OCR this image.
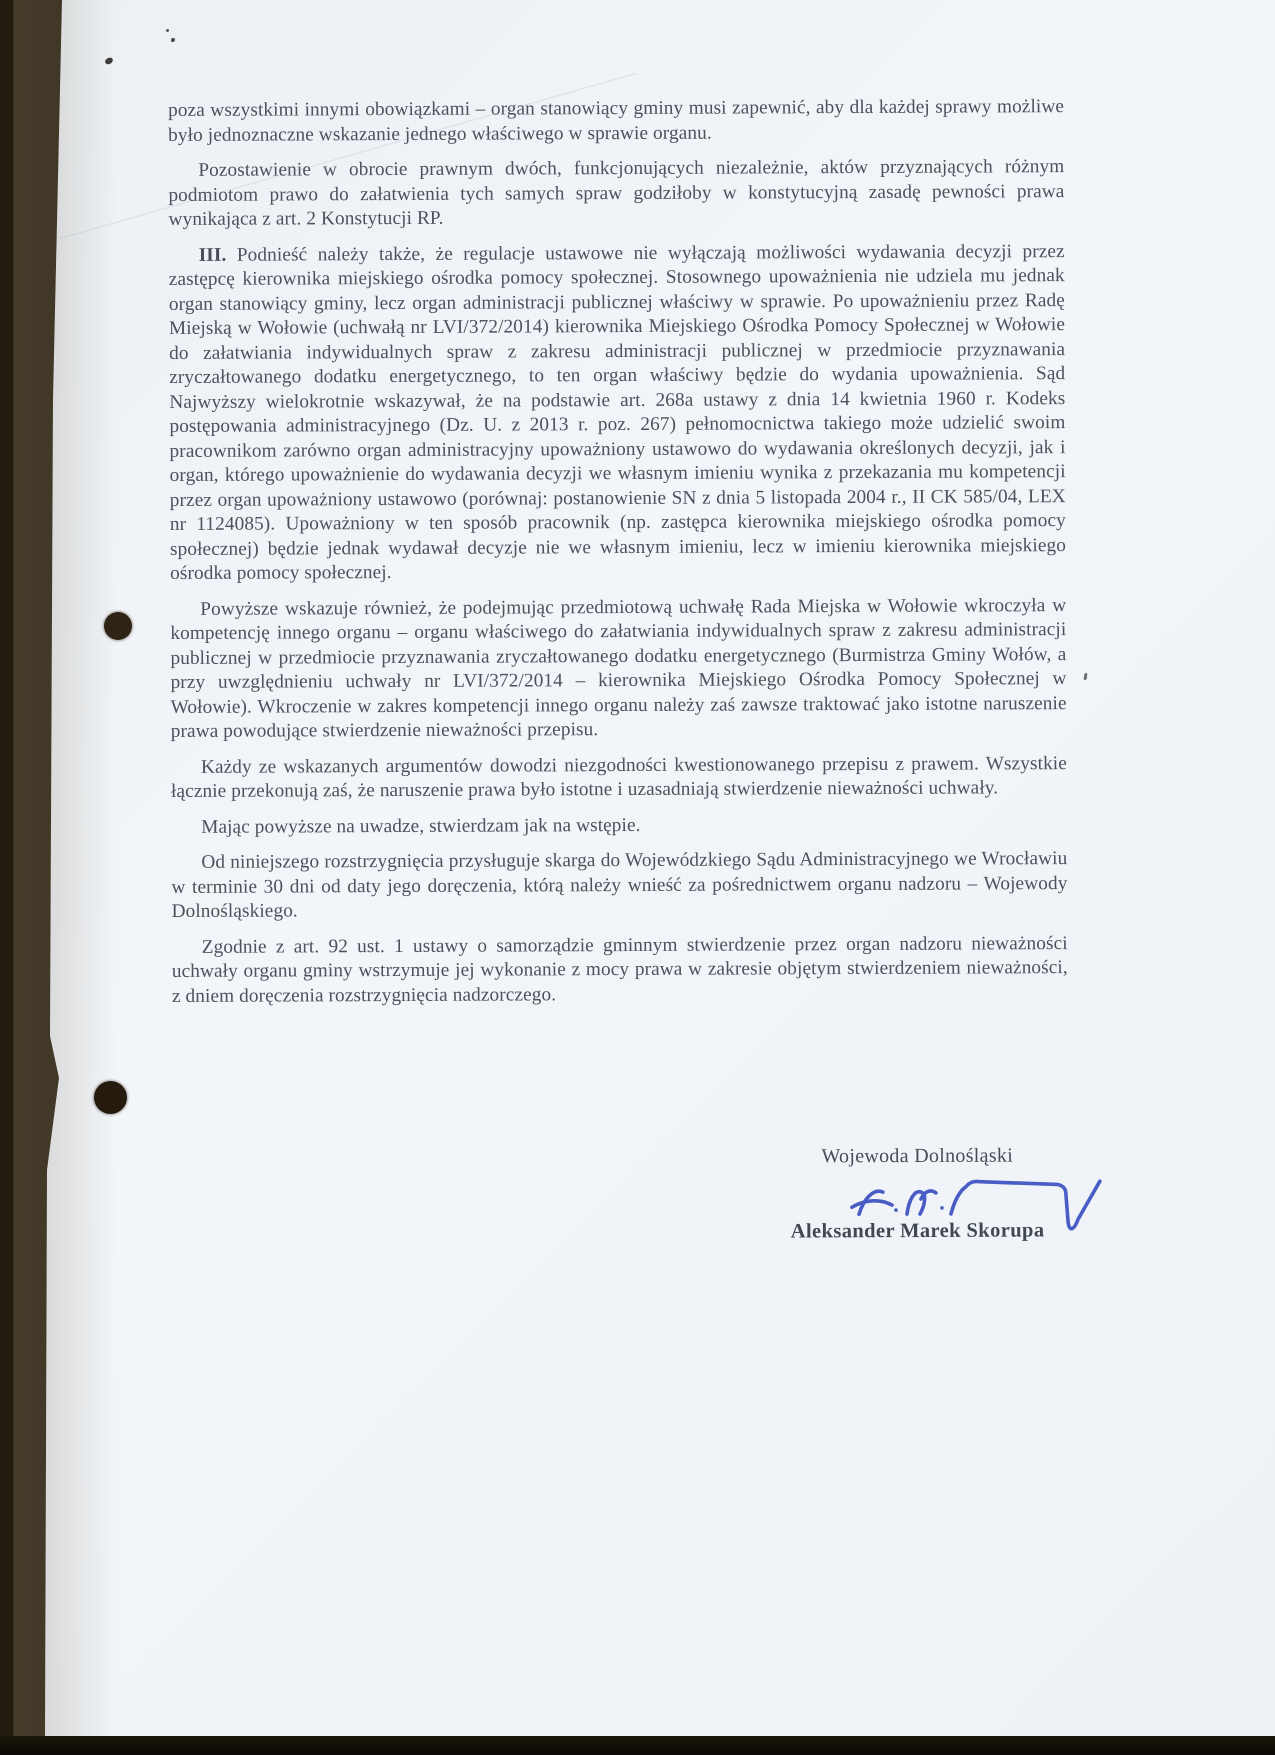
poza wszystkimi innymi obowiązkami – organ stanowiący gminy musi zapewnić, aby dla każdej sprawy możliwe było jednoznaczne wskazanie jednego właściwego w sprawie organu.

Pozostawienie w obrocie prawnym dwóch, funkcjonujących niezależnie, aktów przyznających różnym podmiotom prawo do załatwienia tych samych spraw godziłoby w konstytucyjną zasadę pewności prawa wynikająca z art. 2 Konstytucji RP.

III. Podnieść należy także, że regulacje ustawowe nie wyłączają możliwości wydawania decyzji przez zastępcę kierownika miejskiego ośrodka pomocy społecznej. Stosownego upoważnienia nie udziela mu jednak organ stanowiący gminy, lecz organ administracji publicznej właściwy w sprawie. Po upoważnieniu przez Radę Miejską w Wołowie (uchwałą nr LVI/372/2014) kierownika Miejskiego Ośrodka Pomocy Społecznej w Wołowie do załatwiania indywidualnych spraw z zakresu administracji publicznej w przedmiocie przyznawania zryczałtowanego dodatku energetycznego, to ten organ właściwy będzie do wydania upoważnienia. Sąd Najwyższy wielokrotnie wskazywał, że na podstawie art. 268a ustawy z dnia 14 kwietnia 1960 r. Kodeks postępowania administracyjnego (Dz. U. z 2013 r. poz. 267) pełnomocnictwa takiego może udzielić swoim pracownikom zarówno organ administracyjny upoważniony ustawowo do wydawania określonych decyzji, jak i organ, którego upoważnienie do wydawania decyzji we własnym imieniu wynika z przekazania mu kompetencji przez organ upoważniony ustawowo (porównaj: postanowienie SN z dnia 5 listopada 2004 r., II CK 585/04, LEX nr 1124085). Upoważniony w ten sposób pracownik (np. zastępca kierownika miejskiego ośrodka pomocy społecznej) będzie jednak wydawał decyzje nie we własnym imieniu, lecz w imieniu kierownika miejskiego ośrodka pomocy społecznej.

Powyższe wskazuje również, że podejmując przedmiotową uchwałę Rada Miejska w Wołowie wkroczyła w kompetencję innego organu – organu właściwego do załatwiania indywidualnych spraw z zakresu administracji publicznej w przedmiocie przyznawania zryczałtowanego dodatku energetycznego (Burmistrza Gminy Wołów, a przy uwzględnieniu uchwały nr LVI/372/2014 – kierownika Miejskiego Ośrodka Pomocy Społecznej w Wołowie). Wkroczenie w zakres kompetencji innego organu należy zaś zawsze traktować jako istotne naruszenie prawa powodujące stwierdzenie nieważności przepisu.

Każdy ze wskazanych argumentów dowodzi niezgodności kwestionowanego przepisu z prawem. Wszystkie łącznie przekonują zaś, że naruszenie prawa było istotne i uzasadniają stwierdzenie nieważności uchwały.

Mając powyższe na uwadze, stwierdzam jak na wstępie.

Od niniejszego rozstrzygnięcia przysługuje skarga do Wojewódzkiego Sądu Administracyjnego we Wrocławiu w terminie 30 dni od daty jego doręczenia, którą należy wnieść za pośrednictwem organu nadzoru – Wojewody Dolnośląskiego.

Zgodnie z art. 92 ust. 1 ustawy o samorządzie gminnym stwierdzenie przez organ nadzoru nieważności uchwały organu gminy wstrzymuje jej wykonanie z mocy prawa w zakresie objętym stwierdzeniem nieważności, z dniem doręczenia rozstrzygnięcia nadzorczego.

Wojewoda Dolnośląski
Aleksander Marek Skorupa
